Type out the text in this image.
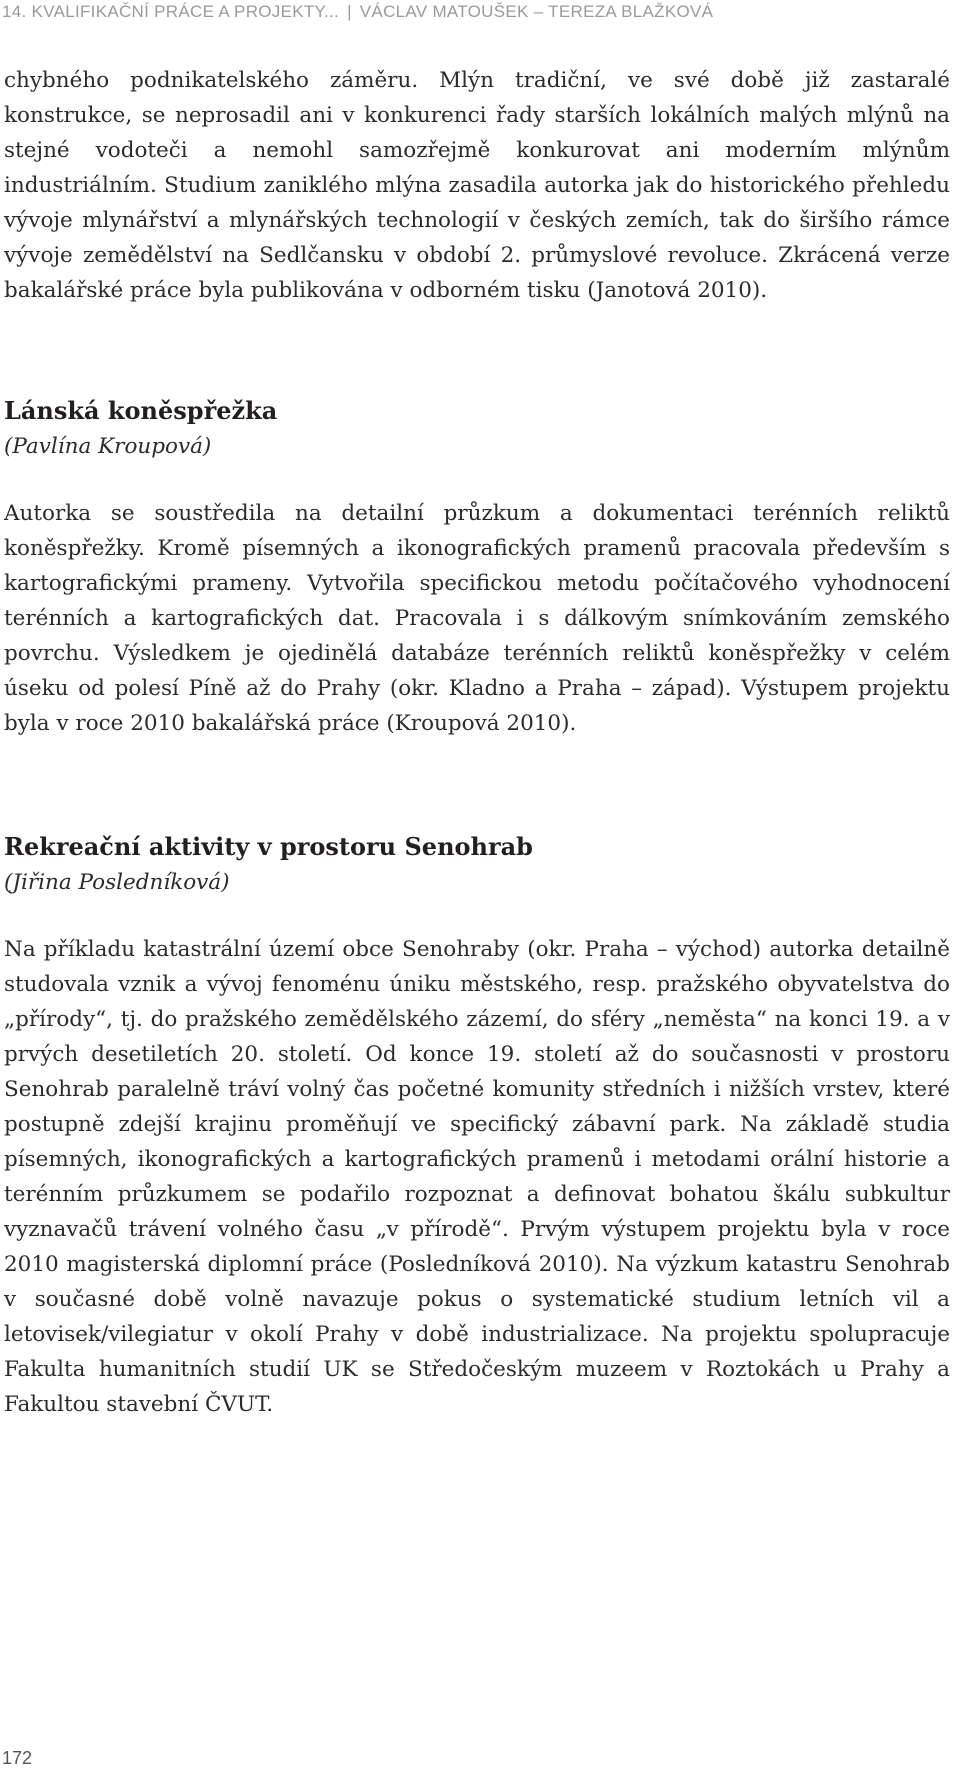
14. KVALIFIKAČNÍ PRÁCE A PROJEKTY... | VÁCLAV MATOUŠEK – TEREZA BLAŽKOVÁ

chybného podnikatelského záměru. Mlýn tradiční, ve své době již zastaralé konstrukce, se neprosadil ani v konkurenci řady starších lokálních malých mlýnů na stejné vodoteči a nemohl samozřejmě konkurovat ani moderním mlýnům industriálním. Studium zaniklého mlýna zasadila autorka jak do historického přehledu vývoje mlynářství a mlynářských technologií v českých zemích, tak do širšího rámce vývoje zemědělství na Sedlčansku v období 2. průmyslové revoluce. Zkrácená verze bakalářské práce byla publikována v odborném tisku (Janotová 2010).

Lánská koněspřežka
(Pavlína Kroupová)

Autorka se soustředila na detailní průzkum a dokumentaci terénních reliktů koněspřežky. Kromě písemných a ikonografických pramenů pracovala především s kartografickými prameny. Vytvořila specifickou metodu počítačového vyhodnocení terénních a kartografických dat. Pracovala i s dálkovým snímkováním zemského povrchu. Výsledkem je ojedinělá databáze terénních reliktů koněspřežky v celém úseku od polesí Píně až do Prahy (okr. Kladno a Praha – západ). Výstupem projektu byla v roce 2010 bakalářská práce (Kroupová 2010).

Rekreační aktivity v prostoru Senohrab
(Jiřina Posledníková)

Na příkladu katastrální území obce Senohraby (okr. Praha – východ) autorka detailně studovala vznik a vývoj fenoménu úniku městského, resp. pražského obyvatelstva do „přírody“, tj. do pražského zemědělského zázemí, do sféry „neměsta“ na konci 19. a v prvých desetiletích 20. století. Od konce 19. století až do současnosti v prostoru Senohrab paralelně tráví volný čas početné komunity středních i nižších vrstev, které postupně zdejší krajinu proměňují ve specifický zábavní park. Na základě studia písemných, ikonografických a kartografických pramenů i metodami orální historie a terénním průzkumem se podařilo rozpoznat a definovat bohatou škálu subkultur vyznavačů trávení volného času „v přírodě“. Prvým výstupem projektu byla v roce 2010 magisterská diplomní práce (Posledníková 2010). Na výzkum katastru Senohrab v současné době volně navazuje pokus o systematické studium letních vil a letovisek/vilegiatur v okolí Prahy v době industrializace. Na projektu spolupracuje Fakulta humanitních studií UK se Středočeským muzeem v Roztokách u Prahy a Fakultou stavební ČVUT.

172
